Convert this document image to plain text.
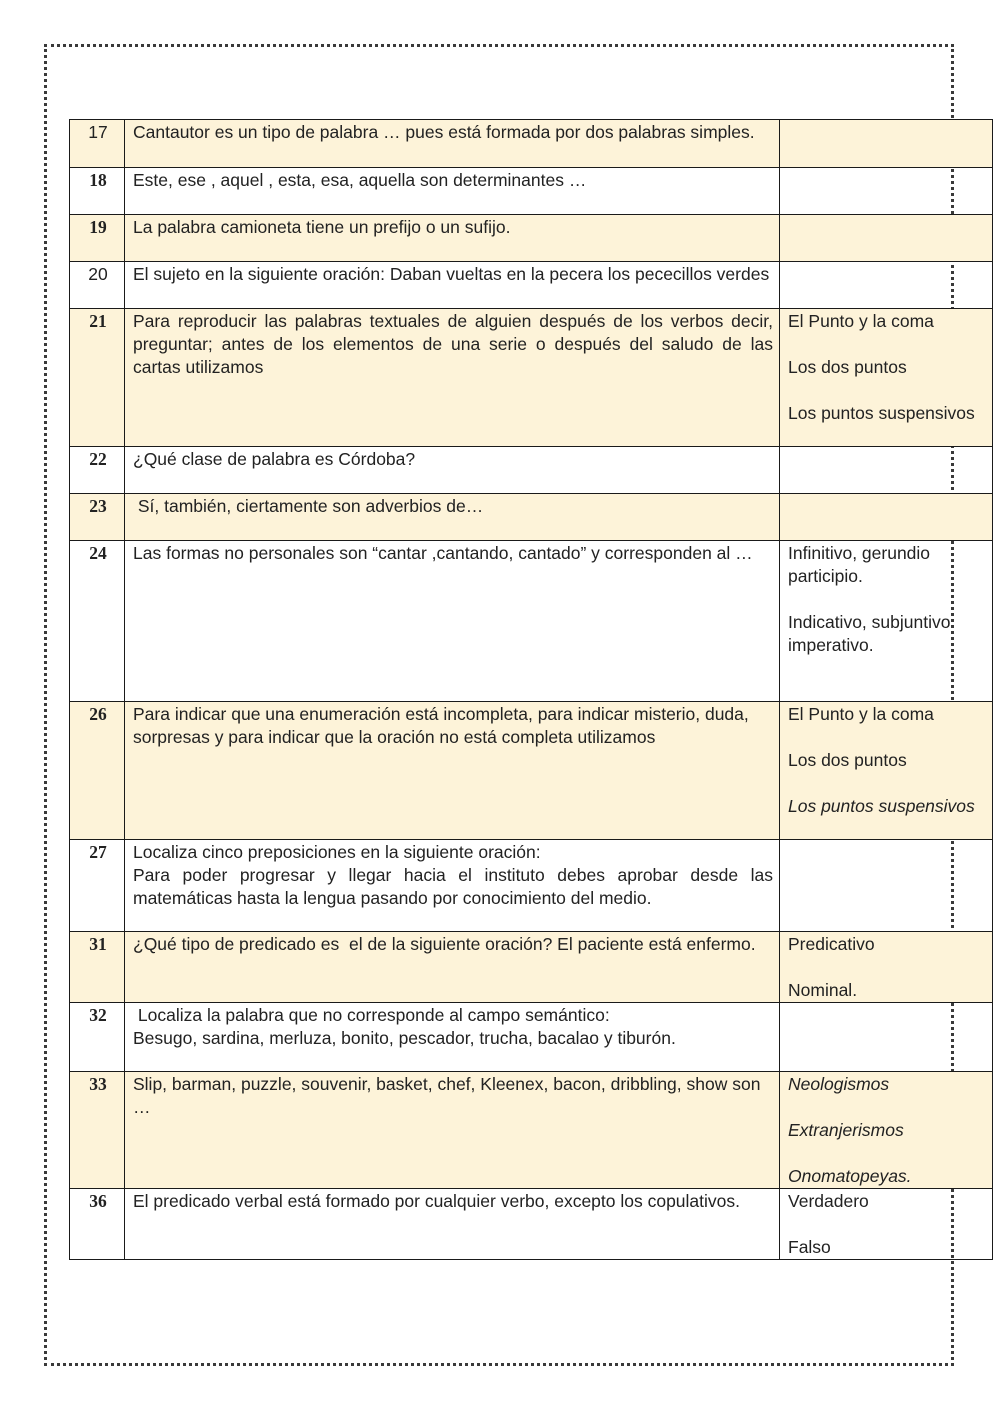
17	Cantautor es un tipo de palabra … pues está formada por dos palabras simples.	
18	Este, ese , aquel , esta, esa, aquella son determinantes …	
19	La palabra camioneta tiene un prefijo o un sufijo.	
20	El sujeto en la siguiente oración: Daban vueltas en la pecera los pececillos verdes	
21	Para reproducir las palabras textuales de alguien después de los verbos decir, preguntar; antes de los elementos de una serie o después del saludo de las cartas utilizamos	El Punto y la coma
Los dos puntos
Los puntos suspensivos

22	¿Qué clase de palabra es Córdoba?	
23	Sí, también, ciertamente son adverbios de…	
24	Las formas no personales son “cantar ,cantando, cantado” y corresponden al …	Infinitivo, gerundio participio.
Indicativo, subjuntivo imperativo.

26	Para indicar que una enumeración está incompleta, para indicar misterio, duda, sorpresas y para indicar que la oración no está completa utilizamos	El Punto y la coma
Los dos puntos
Los puntos suspensivos

27	Localiza cinco preposiciones en la siguiente oración:
Para poder progresar y llegar hacia el instituto debes aprobar desde las matemáticas hasta la lengua pasando por conocimiento del medio.	

31	¿Qué tipo de predicado es  el de la siguiente oración? El paciente está enfermo.	Predicativo
Nominal.

32	Localiza la palabra que no corresponde al campo semántico:
Besugo, sardina, merluza, bonito, pescador, trucha, bacalao y tiburón.	

33	Slip, barman, puzzle, souvenir, basket, chef, Kleenex, bacon, dribbling, show son …	Neologismos
Extranjerismos
Onomatopeyas.

36	El predicado verbal está formado por cualquier verbo, excepto los copulativos.	Verdadero
Falso
